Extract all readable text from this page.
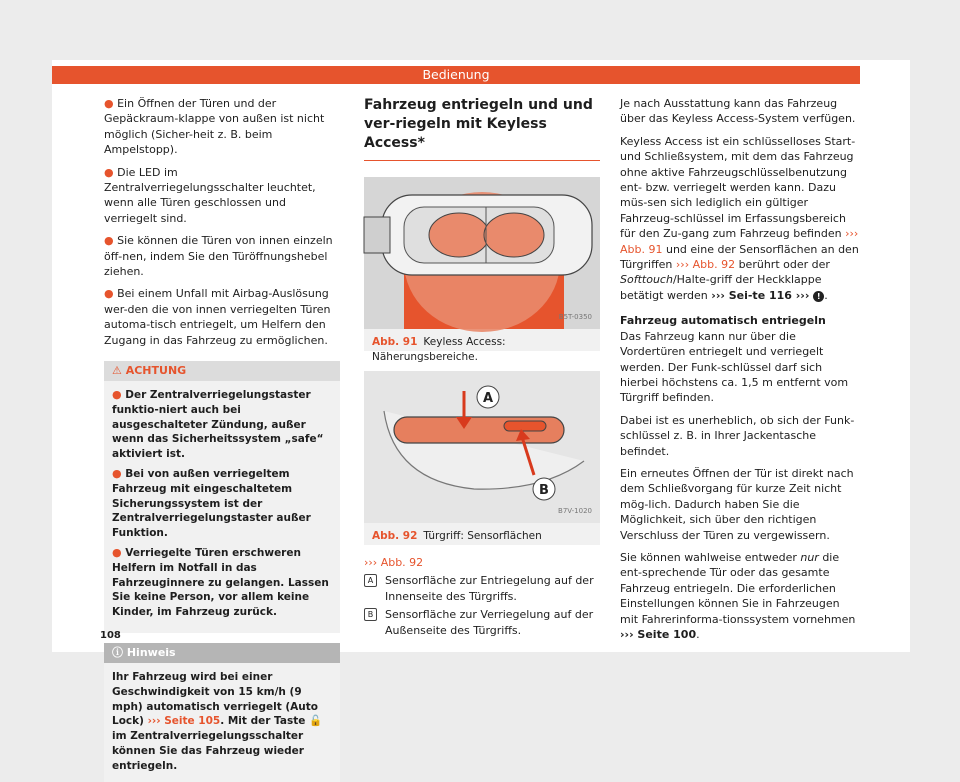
Bedienung
● Ein Öffnen der Türen und der Gepäckraum-klappe von außen ist nicht möglich (Sicher-heit z. B. beim Ampelstopp).
● Die LED im Zentralverriegelungsschalter leuchtet, wenn alle Türen geschlossen und verriegelt sind.
● Sie können die Türen von innen einzeln öff-nen, indem Sie den Türöffnungshebel ziehen.
● Bei einem Unfall mit Airbag-Auslösung wer-den die von innen verriegelten Türen automa-tisch entriegelt, um Helfern den Zugang in das Fahrzeug zu ermöglichen.
⚠ ACHTUNG
● Der Zentralverriegelungstaster funktio-niert auch bei ausgeschalteter Zündung, außer wenn das Sicherheitssystem „safe“ aktiviert ist.
● Bei von außen verriegeltem Fahrzeug mit eingeschaltetem Sicherungssystem ist der Zentralverriegelungstaster außer Funktion.
● Verriegelte Türen erschweren Helfern im Notfall in das Fahrzeuginnere zu gelangen. Lassen Sie keine Person, vor allem keine Kinder, im Fahrzeug zurück.
ⓘ Hinweis
Ihr Fahrzeug wird bei einer Geschwindigkeit von 15 km/h (9 mph) automatisch verriegelt (Auto Lock) ››› Seite 105. Mit der Taste 🔓 im Zentralverriegelungsschalter können Sie das Fahrzeug wieder entriegeln.
Fahrzeug entriegeln und und ver-riegeln mit Keyless Access*
B5T-0350
Abb. 91 Keyless Access: Näherungsbereiche.
A
B
B7V-1020
Abb. 92 Türgriff: Sensorflächen
››› Abb. 92
A	Sensorfläche zur Entriegelung auf der Innenseite des Türgriffs.
B	Sensorfläche zur Verriegelung auf der Außenseite des Türgriffs.
Je nach Ausstattung kann das Fahrzeug über das Keyless Access-System verfügen.
Keyless Access ist ein schlüsselloses Start- und Schließsystem, mit dem das Fahrzeug ohne aktive Fahrzeugschlüsselbenutzung ent- bzw. verriegelt werden kann. Dazu müs-sen sich lediglich ein gültiger Fahrzeug-schlüssel im Erfassungsbereich für den Zu-gang zum Fahrzeug befinden ››› Abb. 91 und eine der Sensorflächen an den Türgriffen ››› Abb. 92 berührt oder der Softtouch/Halte-griff der Heckklappe betätigt werden ››› Sei-te 116 ››› ! .
Fahrzeug automatisch entriegeln
Das Fahrzeug kann nur über die Vordertüren entriegelt und verriegelt werden. Der Funk-schlüssel darf sich hierbei höchstens ca. 1,5 m entfernt vom Türgriff befinden.
Dabei ist es unerheblich, ob sich der Funk-schlüssel z. B. in Ihrer Jackentasche befindet.
Ein erneutes Öffnen der Tür ist direkt nach dem Schließvorgang für kurze Zeit nicht mög-lich. Dadurch haben Sie die Möglichkeit, sich über den richtigen Verschluss der Türen zu vergewissern.
Sie können wahlweise entweder nur die ent-sprechende Tür oder das gesamte Fahrzeug entriegeln. Die erforderlichen Einstellungen können Sie in Fahrzeugen mit Fahrerinforma-tionssystem vornehmen ››› Seite 100.
108
